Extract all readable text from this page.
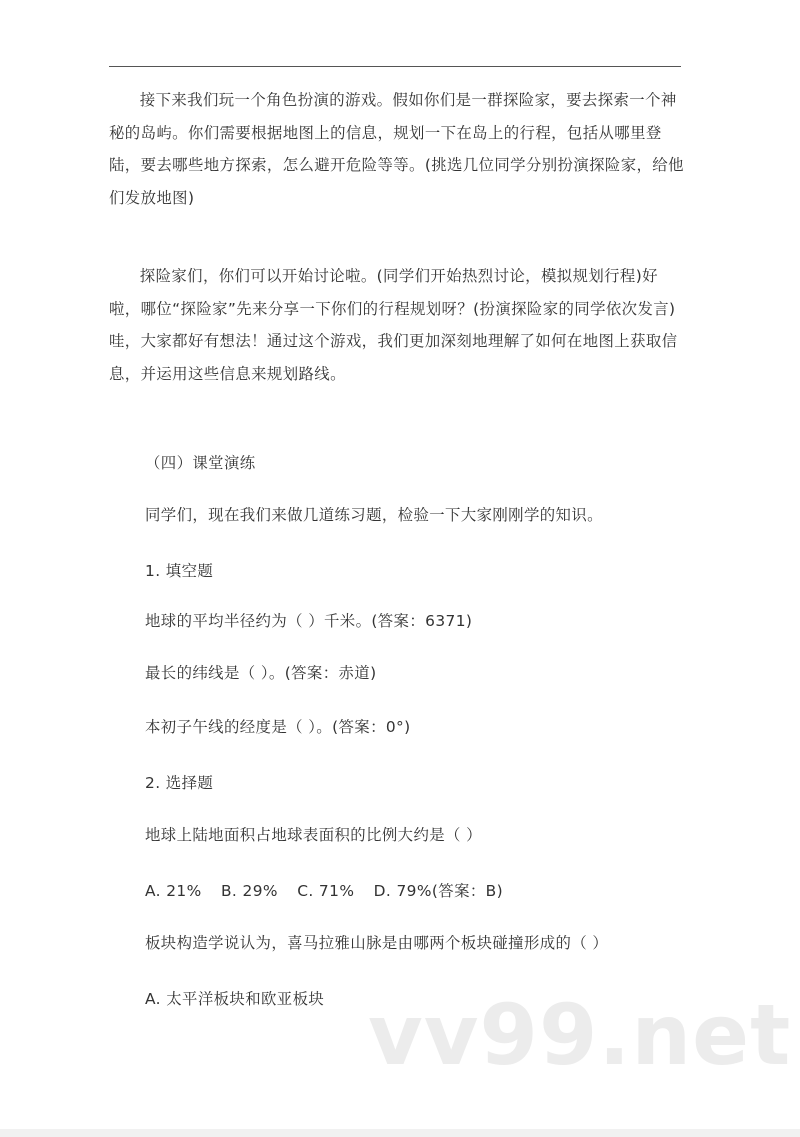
接下来我们玩一个角色扮演的游戏。假如你们是一群探险家，要去探索一个神秘的岛屿。你们需要根据地图上的信息，规划一下在岛上的行程，包括从哪里登陆，要去哪些地方探索，怎么避开危险等等。(挑选几位同学分别扮演探险家，给他们发放地图)

探险家们，你们可以开始讨论啦。(同学们开始热烈讨论，模拟规划行程)好啦，哪位“探险家”先来分享一下你们的行程规划呀？(扮演探险家的同学依次发言)哇，大家都好有想法！通过这个游戏，我们更加深刻地理解了如何在地图上获取信息，并运用这些信息来规划路线。

（四）课堂演练

同学们，现在我们来做几道练习题，检验一下大家刚刚学的知识。

1. 填空题

地球的平均半径约为（ ）千米。(答案：6371)

最长的纬线是（ ）。(答案：赤道)

本初子午线的经度是（ ）。(答案：0°)

2. 选择题

地球上陆地面积占地球表面积的比例大约是（ ）

A. 21% B. 29% C. 71% D. 79%(答案：B)

板块构造学说认为，喜马拉雅山脉是由哪两个板块碰撞形成的（ ）

A. 太平洋板块和欧亚板块 vv99.net
